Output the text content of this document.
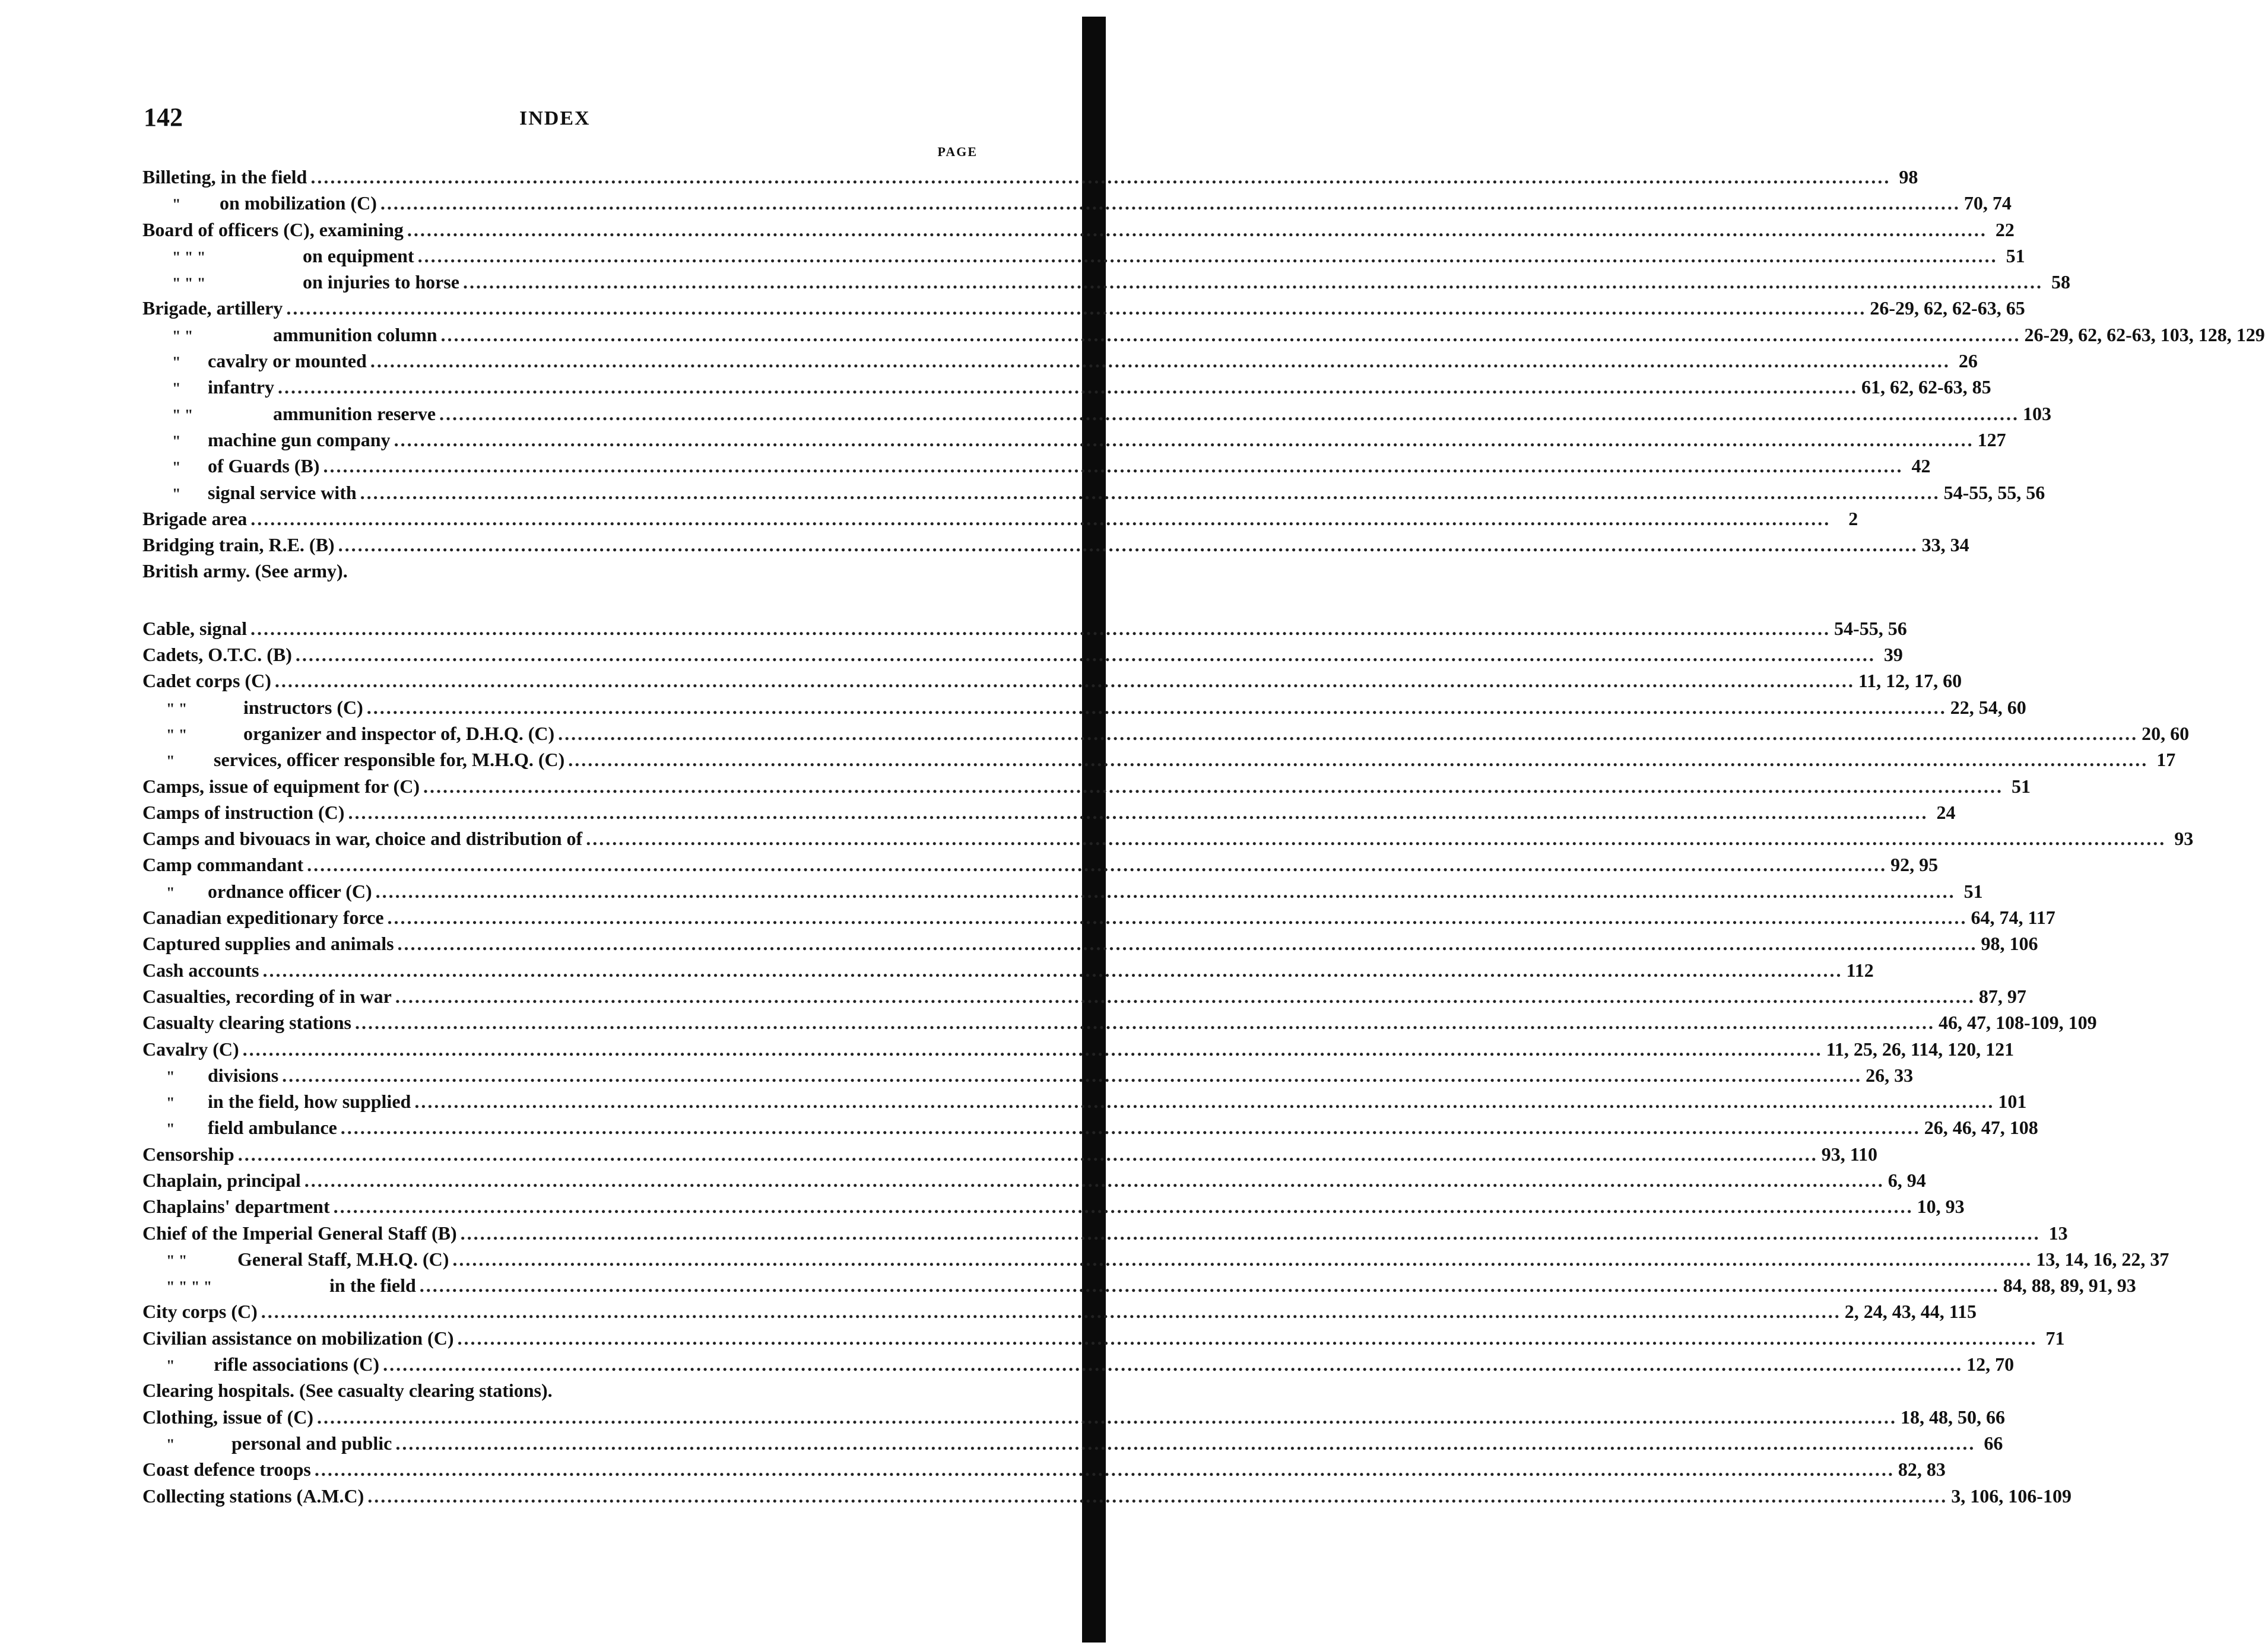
142	INDEX
PAGE
Billeting, in the field .....	98
"	on mobilization (C) .....	70, 74
Board of officers (C), examining .....	22
" " "	on equipment .....	51
" " "	on injuries to horse .....	58
Brigade, artillery .....	26-29, 62, 62-63, 65
" "	ammunition column .....	26-29, 62, 62-63, 103, 128, 129
"	cavalry or mounted .....	26
"	infantry .....	61, 62, 62-63, 85
" "	ammunition reserve .....	103
"	machine gun company .....	127
"	of Guards (B) .....	42
"	signal service with .....	54-55, 55, 56
Brigade area .....	2
Bridging train, R.E. (B) .....	33, 34
British army. (See army).
Cable, signal .....	54-55, 56
Cadets, O.T.C. (B) .....	39
Cadet corps (C) .....	11, 12, 17, 60
" "	instructors (C) .....	22, 54, 60
" "	organizer and inspector of, D.H.Q. (C) .....	20, 60
"	services, officer responsible for, M.H.Q. (C) .....	17
Camps, issue of equipment for (C) .....	51
Camps of instruction (C) .....	24
Camps and bivouacs in war, choice and distribution of .....	93
Camp commandant .....	92, 95
"	ordnance officer (C) .....	51
Canadian expeditionary force .....	64, 74, 117
Captured supplies and animals .....	98, 106
Cash accounts .....	112
Casualties, recording of in war .....	87, 97
Casualty clearing stations .....	46, 47, 108-109, 109
Cavalry (C) .....	11, 25, 26, 114, 120, 121
"	divisions .....	26, 33
"	in the field, how supplied .....	101
"	field ambulance .....	26, 46, 47, 108
Censorship .....	93, 110
Chaplain, principal .....	6, 94
Chaplains' department .....	10, 93
Chief of the Imperial General Staff (B) .....	13
" "	General Staff, M.H.Q. (C) .....	13, 14, 16, 22, 37
" " " "	in the field .....	84, 88, 89, 91, 93
City corps (C) .....	2, 24, 43, 44, 115
Civilian assistance on mobilization (C) .....	71
"	rifle associations (C) .....	12, 70
Clearing hospitals. (See casualty clearing stations).
Clothing, issue of (C) .....	18, 48, 50, 66
"	personal and public .....	66
Coast defence troops .....	82, 83
Collecting stations (A.M.C) .....	3, 106, 106-109
